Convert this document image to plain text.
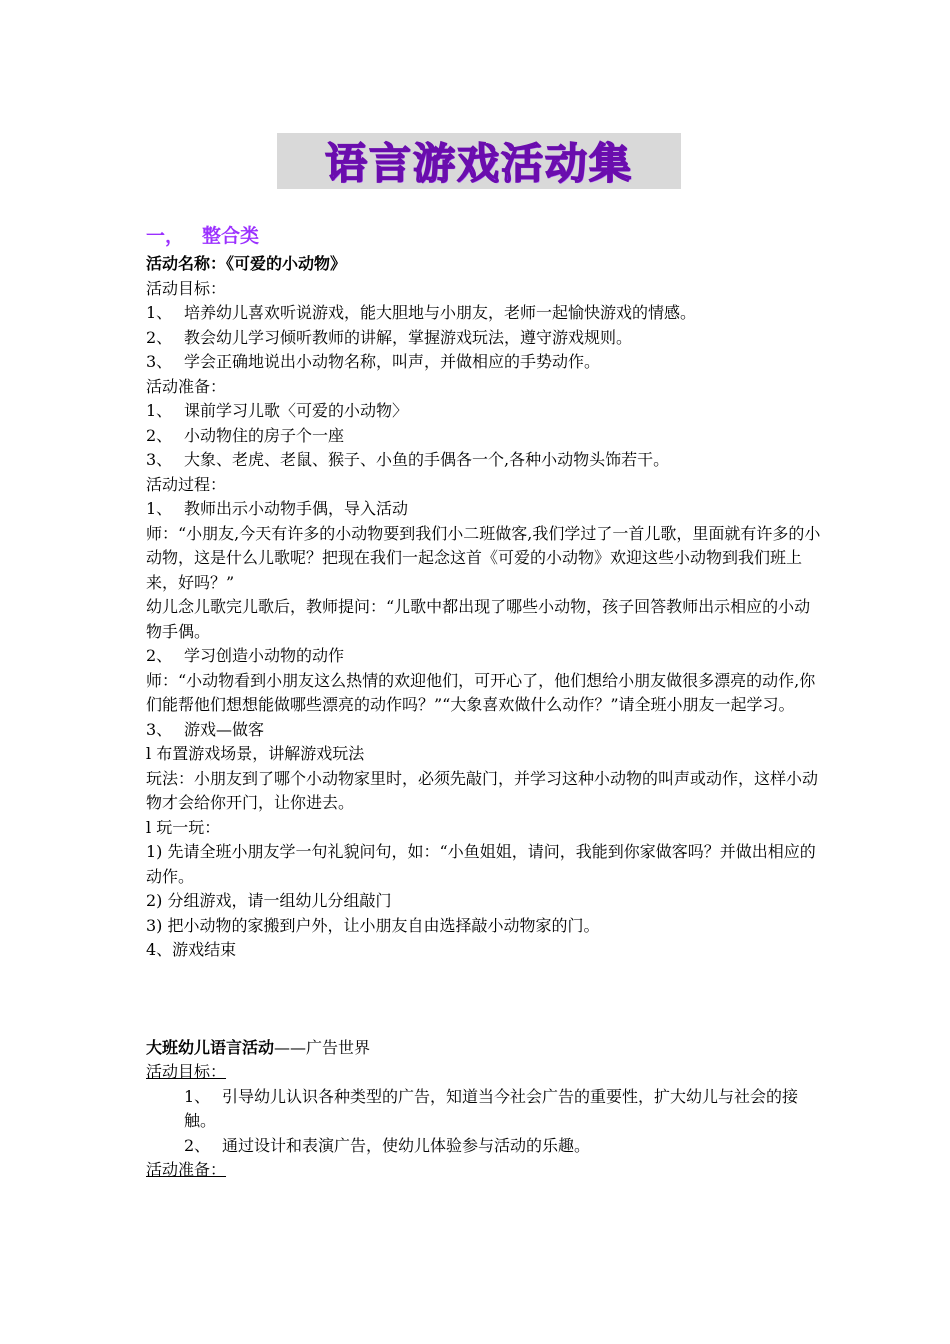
语言游戏活动集
一， 整合类
活动名称：《可爱的小动物》
活动目标：
1、 培养幼儿喜欢听说游戏，能大胆地与小朋友，老师一起愉快游戏的情感。
2、 教会幼儿学习倾听教师的讲解，掌握游戏玩法，遵守游戏规则。
3、 学会正确地说出小动物名称，叫声，并做相应的手势动作。
活动准备：
1、 课前学习儿歌〈可爱的小动物〉
2、 小动物住的房子个一座
3、 大象、老虎、老鼠、猴子、小鱼的手偶各一个,各种小动物头饰若干。
活动过程：
1、 教师出示小动物手偶，导入活动
师：“小朋友,今天有许多的小动物要到我们小二班做客,我们学过了一首儿歌，里面就有许多的小动物，这是什么儿歌呢？把现在我们一起念这首《可爱的小动物》欢迎这些小动物到我们班上来，好吗？”
幼儿念儿歌完儿歌后，教师提问：“儿歌中都出现了哪些小动物，孩子回答教师出示相应的小动物手偶。
2、 学习创造小动物的动作
师：“小动物看到小朋友这么热情的欢迎他们，可开心了，他们想给小朋友做很多漂亮的动作,你们能帮他们想想能做哪些漂亮的动作吗？”“大象喜欢做什么动作？”请全班小朋友一起学习。
3、 游戏—做客
l 布置游戏场景，讲解游戏玩法
玩法：小朋友到了哪个小动物家里时，必须先敲门，并学习这种小动物的叫声或动作，这样小动物才会给你开门，让你进去。
l 玩一玩：
1) 先请全班小朋友学一句礼貌问句，如：“小鱼姐姐，请问，我能到你家做客吗？并做出相应的动作。
2) 分组游戏，请一组幼儿分组敲门
3) 把小动物的家搬到户外，让小朋友自由选择敲小动物家的门。
4、游戏结束
大班幼儿语言活动——广告世界
活动目标：
1、 引导幼儿认识各种类型的广告，知道当今社会广告的重要性，扩大幼儿与社会的接触。
2、 通过设计和表演广告，使幼儿体验参与活动的乐趣。
活动准备：
